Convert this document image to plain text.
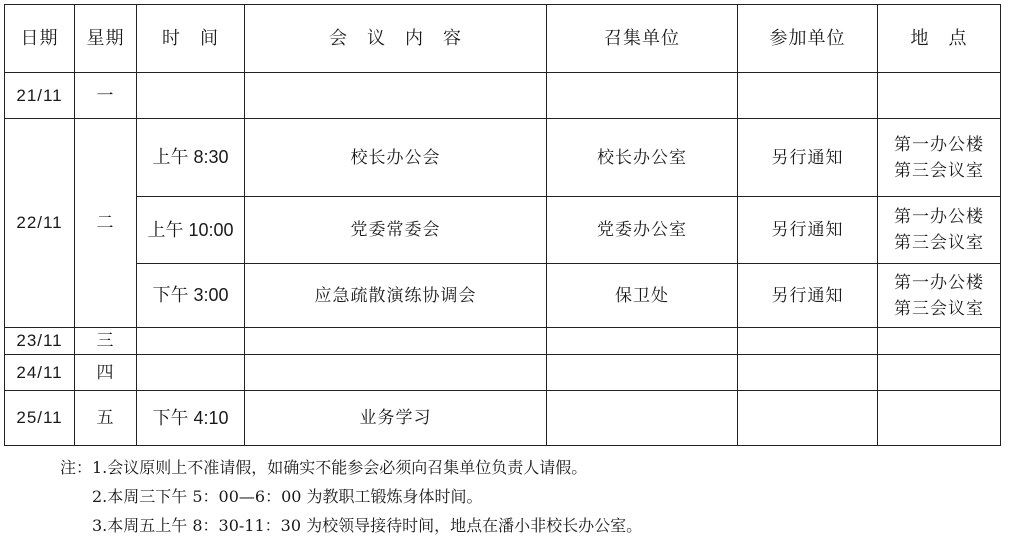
日期	星期	时　间	会　议　内　容	召集单位	参加单位	地　点
21/11	一					
22/11	二	上午 8:30	校长办公会	校长办公室	另行通知	第一办公楼
第三会议室

		上午 10:00	党委常委会	党委办公室	另行通知	第一办公楼
第三会议室

		下午 3:00	应急疏散演练协调会	保卫处	另行通知	第一办公楼
第三会议室

23/11	三					
24/11	四					
25/11	五	下午 4:10	业务学习			
注：1.会议原则上不准请假，如确实不能参会必须向召集单位负责人请假。
2.本周三下午 5：00—6：00 为教职工锻炼身体时间。
3.本周五上午 8：30-11：30 为校领导接待时间，地点在潘小非校长办公室。
